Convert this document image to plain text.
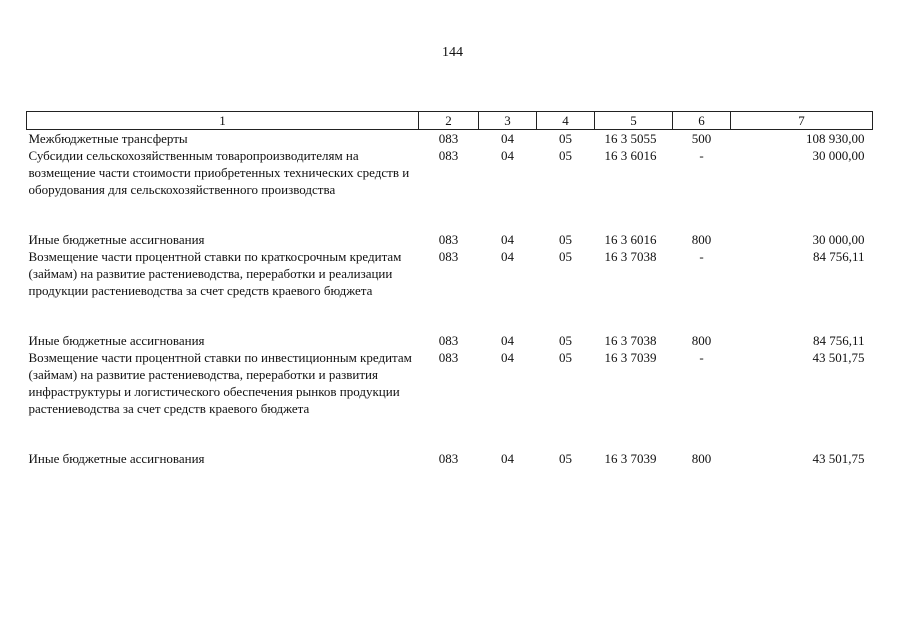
144
1	2	3	4	5	6	7
Межбюджетные трансферты	083	04	05	16 3 5055	500	108 930,00
Субсидии сельскохозяйственным товаропроизводителям на возмещение части стоимости приобретенных технических средств и оборудования для сельскохозяйственного производства	083	04	05	16 3 6016	-	30 000,00

Иные бюджетные ассигнования	083	04	05	16 3 6016	800	30 000,00
Возмещение части процентной ставки по краткосрочным кредитам (займам) на развитие растениеводства, переработки и реализации продукции растениеводства за счет средств краевого бюджета	083	04	05	16 3 7038	-	84 756,11

Иные бюджетные ассигнования	083	04	05	16 3 7038	800	84 756,11
Возмещение части процентной ставки по инвестиционным кредитам (займам) на развитие растениеводства, переработки и развития инфраструктуры и логистического обеспечения рынков продукции растениеводства за счет средств краевого бюджета	083	04	05	16 3 7039	-	43 501,75

Иные бюджетные ассигнования	083	04	05	16 3 7039	800	43 501,75
